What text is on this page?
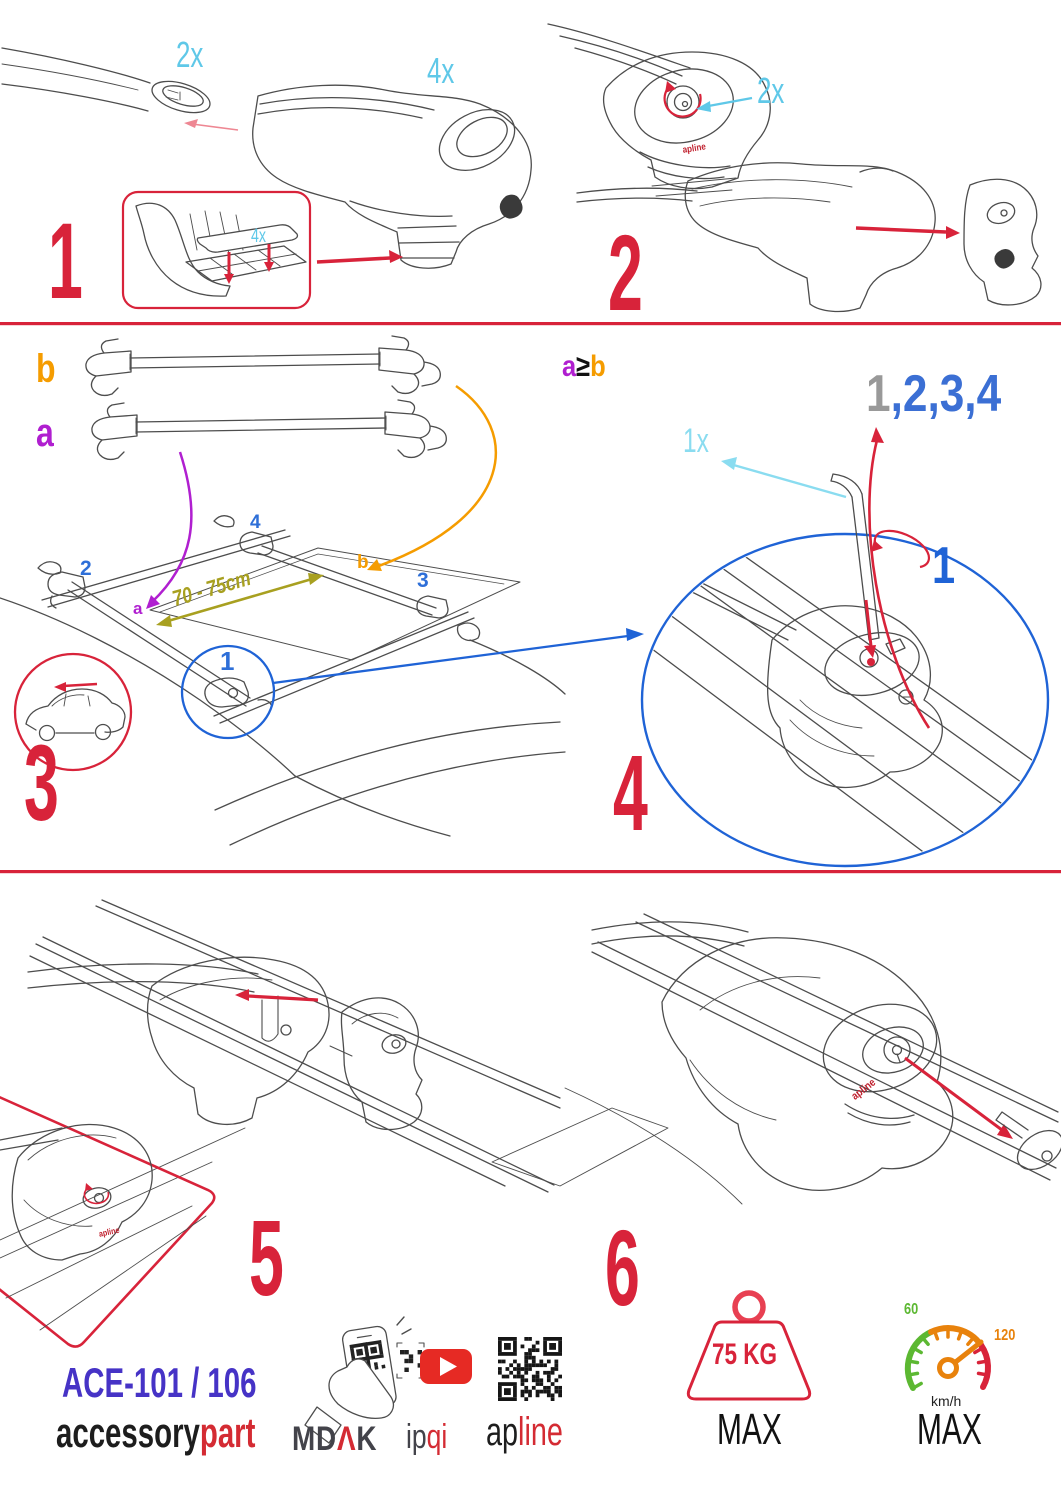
2x	4x
4x
1
2x
apline
2
b
a
2
4
3
b
a 70 - 75cm
1
3
a≥b	1,2,3,4
1x
1
4
5
apline	6
apline
ACE-101 / 106
accessorypart MDΛK ipqi apline
75 KG
MAX
60
120
km/h
MAX
